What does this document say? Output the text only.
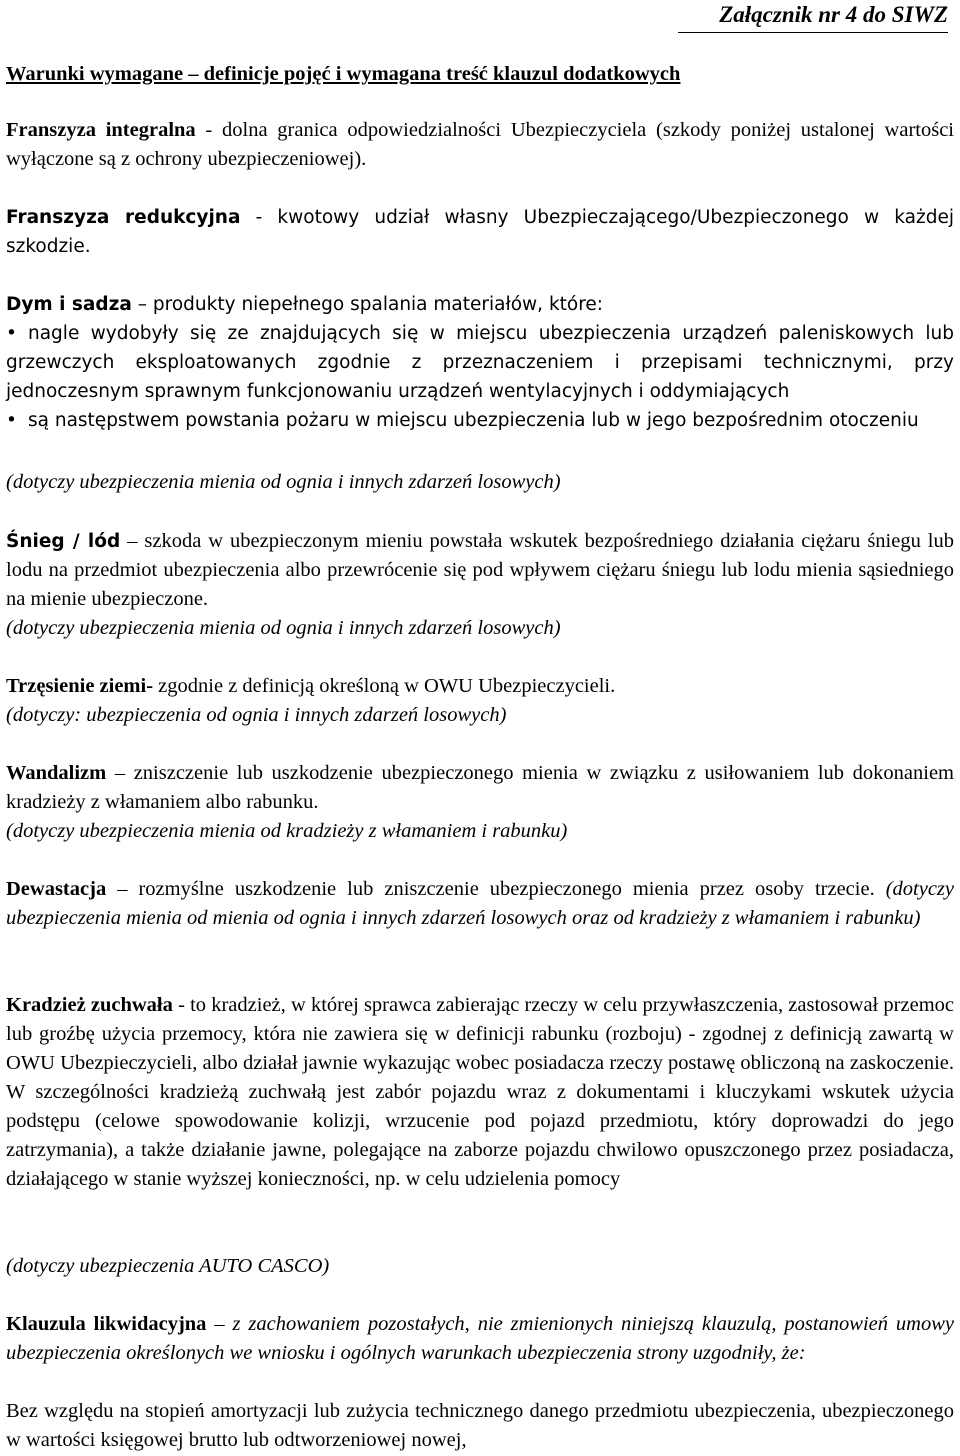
Załącznik nr 4 do SIWZ
Warunki wymagane – definicje pojęć i wymagana treść klauzul dodatkowych
Franszyza integralna - dolna granica odpowiedzialności Ubezpieczyciela (szkody poniżej ustalonej wartości wyłączone są z ochrony ubezpieczeniowej).
Franszyza redukcyjna - kwotowy udział własny Ubezpieczającego/Ubezpieczonego w każdej szkodzie.
Dym i sadza – produkty niepełnego spalania materiałów, które:
• nagle wydobyły się ze znajdujących się w miejscu ubezpieczenia urządzeń paleniskowych lub grzewczych eksploatowanych zgodnie z przeznaczeniem i przepisami technicznymi, przy jednoczesnym sprawnym funkcjonowaniu urządzeń wentylacyjnych i oddymiających
• są następstwem powstania pożaru w miejscu ubezpieczenia lub w jego bezpośrednim otoczeniu
(dotyczy ubezpieczenia mienia od ognia i innych zdarzeń losowych)
Śnieg / lód – szkoda w ubezpieczonym mieniu powstała wskutek bezpośredniego działania ciężaru śniegu lub lodu na przedmiot ubezpieczenia albo przewrócenie się pod wpływem ciężaru śniegu lub lodu mienia sąsiedniego na mienie ubezpieczone.
(dotyczy ubezpieczenia mienia od ognia i innych zdarzeń losowych)
Trzęsienie ziemi- zgodnie z definicją określoną w OWU Ubezpieczycieli.
(dotyczy: ubezpieczenia od ognia i innych zdarzeń losowych)
Wandalizm – zniszczenie lub uszkodzenie ubezpieczonego mienia w związku z usiłowaniem lub dokonaniem kradzieży z włamaniem albo rabunku.
(dotyczy ubezpieczenia mienia od kradzieży z włamaniem i rabunku)
Dewastacja – rozmyślne uszkodzenie lub zniszczenie ubezpieczonego mienia przez osoby trzecie. (dotyczy ubezpieczenia mienia od mienia od ognia i innych zdarzeń losowych oraz od kradzieży z włamaniem i rabunku)
Kradzież zuchwała - to kradzież, w której sprawca zabierając rzeczy w celu przywłaszczenia, zastosował przemoc lub groźbę użycia przemocy, która nie zawiera się w definicji rabunku (rozboju) - zgodnej z definicją zawartą w OWU Ubezpieczycieli, albo działał jawnie wykazując wobec posiadacza rzeczy postawę obliczoną na zaskoczenie. W szczególności kradzieżą zuchwałą jest zabór pojazdu wraz z dokumentami i kluczykami wskutek użycia podstępu (celowe spowodowanie kolizji, wrzucenie pod pojazd przedmiotu, który doprowadzi do jego zatrzymania), a także działanie jawne, polegające na zaborze pojazdu chwilowo opuszczonego przez posiadacza, działającego w stanie wyższej konieczności, np. w celu udzielenia pomocy
(dotyczy ubezpieczenia AUTO CASCO)
Klauzula likwidacyjna – z zachowaniem pozostałych, nie zmienionych niniejszą klauzulą, postanowień umowy ubezpieczenia określonych we wniosku i ogólnych warunkach ubezpieczenia strony uzgodniły, że:
Bez względu na stopień amortyzacji lub zużycia technicznego danego przedmiotu ubezpieczenia, ubezpieczonego w wartości księgowej brutto lub odtworzeniowej nowej,
